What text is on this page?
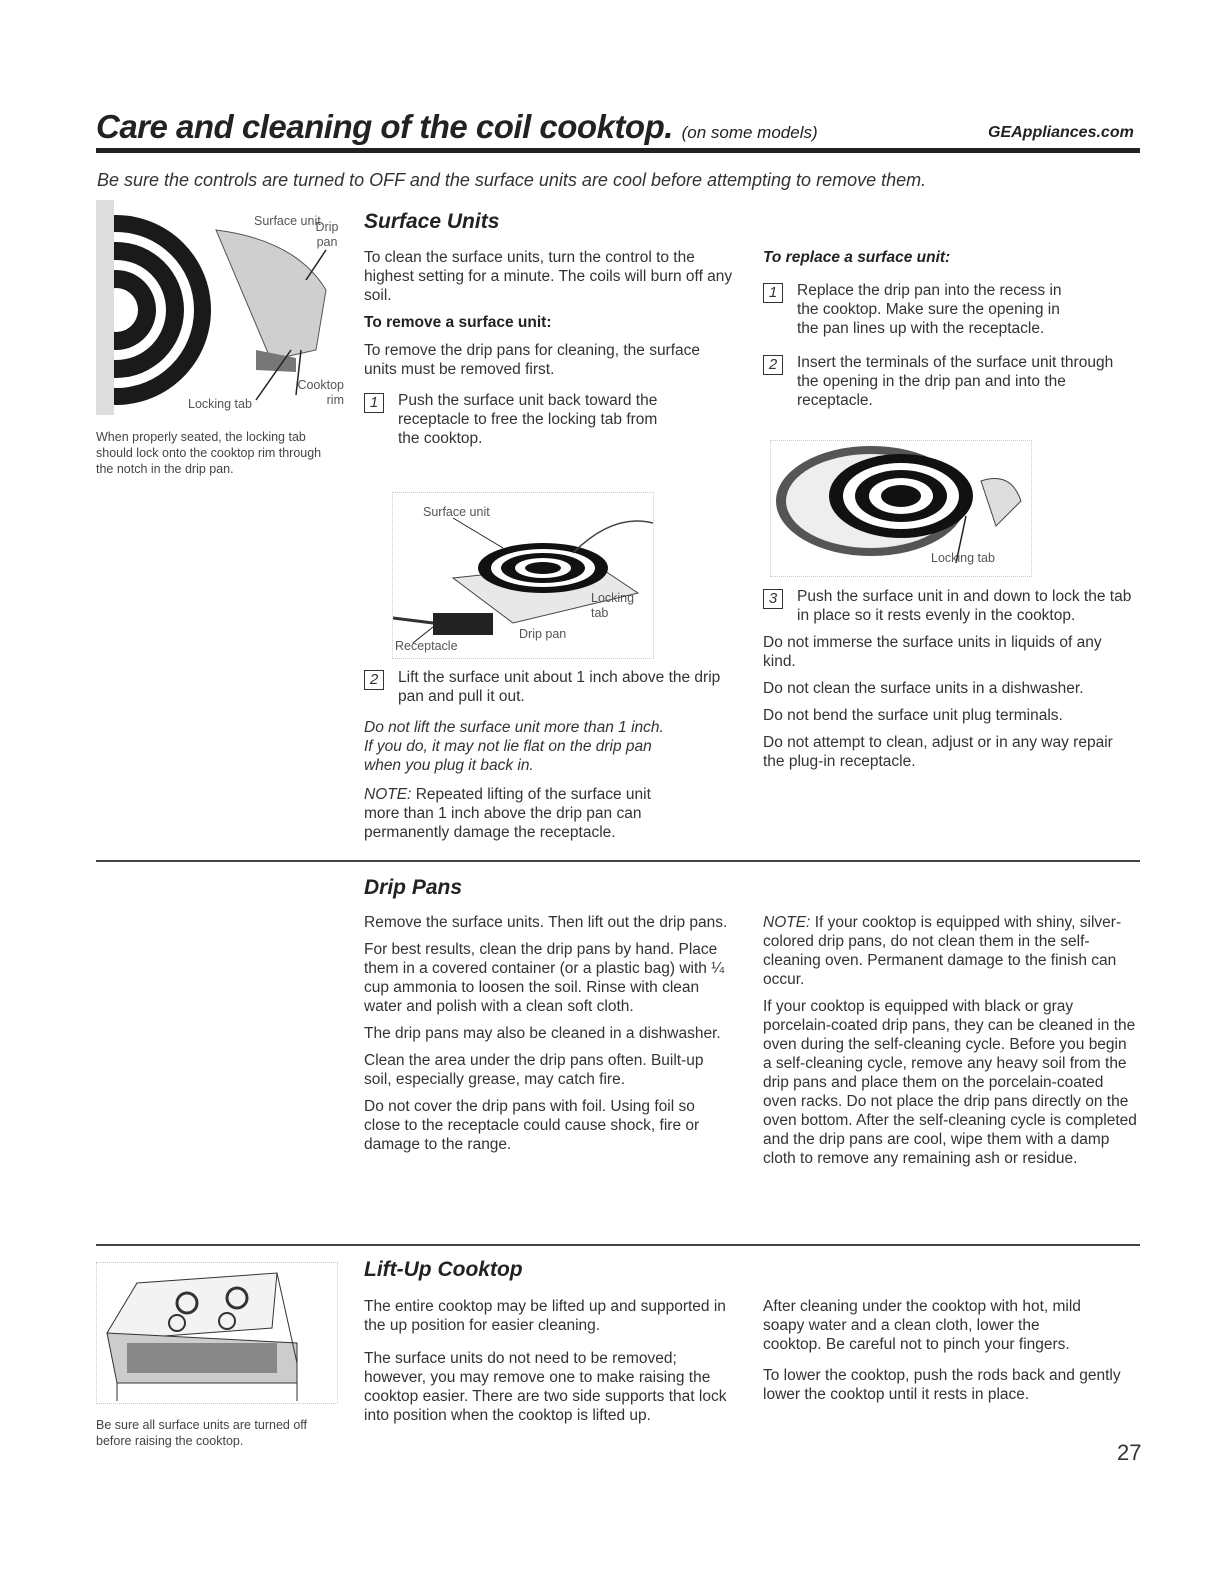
Care and cleaning of the coil cooktop. (on some models)	GEAppliances.com
Be sure the controls are turned to OFF and the surface units are cool before attempting to remove them.
Surface unit
Drip pan
Cooktop rim
Locking tab
When properly seated, the locking tab should lock onto the cooktop rim through the notch in the drip pan.
Surface Units

To clean the surface units, turn the control to the highest setting for a minute. The coils will burn off any soil.

To remove a surface unit:

To remove the drip pans for cleaning, the surface units must be removed first.

1	Push the surface unit back toward the receptacle to free the locking tab from the cooktop.

Surface unit
Locking tab
Drip pan
Receptacle
2	Lift the surface unit about 1 inch above the drip pan and pull it out.

Do not lift the surface unit more than 1 inch. If you do, it may not lie flat on the drip pan when you plug it back in.

NOTE: Repeated lifting of the surface unit more than 1 inch above the drip pan can permanently damage the receptacle.

To replace a surface unit:

1	Replace the drip pan into the recess in the cooktop. Make sure the opening in the pan lines up with the receptacle.

2	Insert the terminals of the surface unit through the opening in the drip pan and into the receptacle.

Locking tab
3	Push the surface unit in and down to lock the tab in place so it rests evenly in the cooktop.

Do not immerse the surface units in liquids of any kind.

Do not clean the surface units in a dishwasher.

Do not bend the surface unit plug terminals.

Do not attempt to clean, adjust or in any way repair the plug-in receptacle.

Drip Pans

Remove the surface units. Then lift out the drip pans.

For best results, clean the drip pans by hand. Place them in a covered container (or a plastic bag) with ¼ cup ammonia to loosen the soil. Rinse with clean water and polish with a clean soft cloth.

The drip pans may also be cleaned in a dishwasher.

Clean the area under the drip pans often. Built-up soil, especially grease, may catch fire.

Do not cover the drip pans with foil. Using foil so close to the receptacle could cause shock, fire or damage to the range.

NOTE: If your cooktop is equipped with shiny, silver-colored drip pans, do not clean them in the self-cleaning oven. Permanent damage to the finish can occur.

If your cooktop is equipped with black or gray porcelain-coated drip pans, they can be cleaned in the oven during the self-cleaning cycle. Before you begin a self-cleaning cycle, remove any heavy soil from the drip pans and place them on the porcelain-coated oven racks. Do not place the drip pans directly on the oven bottom. After the self-cleaning cycle is completed and the drip pans are cool, wipe them with a damp cloth to remove any remaining ash or residue.

Be sure all surface units are turned off before raising the cooktop.
Lift-Up Cooktop

The entire cooktop may be lifted up and supported in the up position for easier cleaning.

The surface units do not need to be removed; however, you may remove one to make raising the cooktop easier. There are two side supports that lock into position when the cooktop is lifted up.

After cleaning under the cooktop with hot, mild soapy water and a clean cloth, lower the cooktop. Be careful not to pinch your fingers.

To lower the cooktop, push the rods back and gently lower the cooktop until it rests in place.

27
